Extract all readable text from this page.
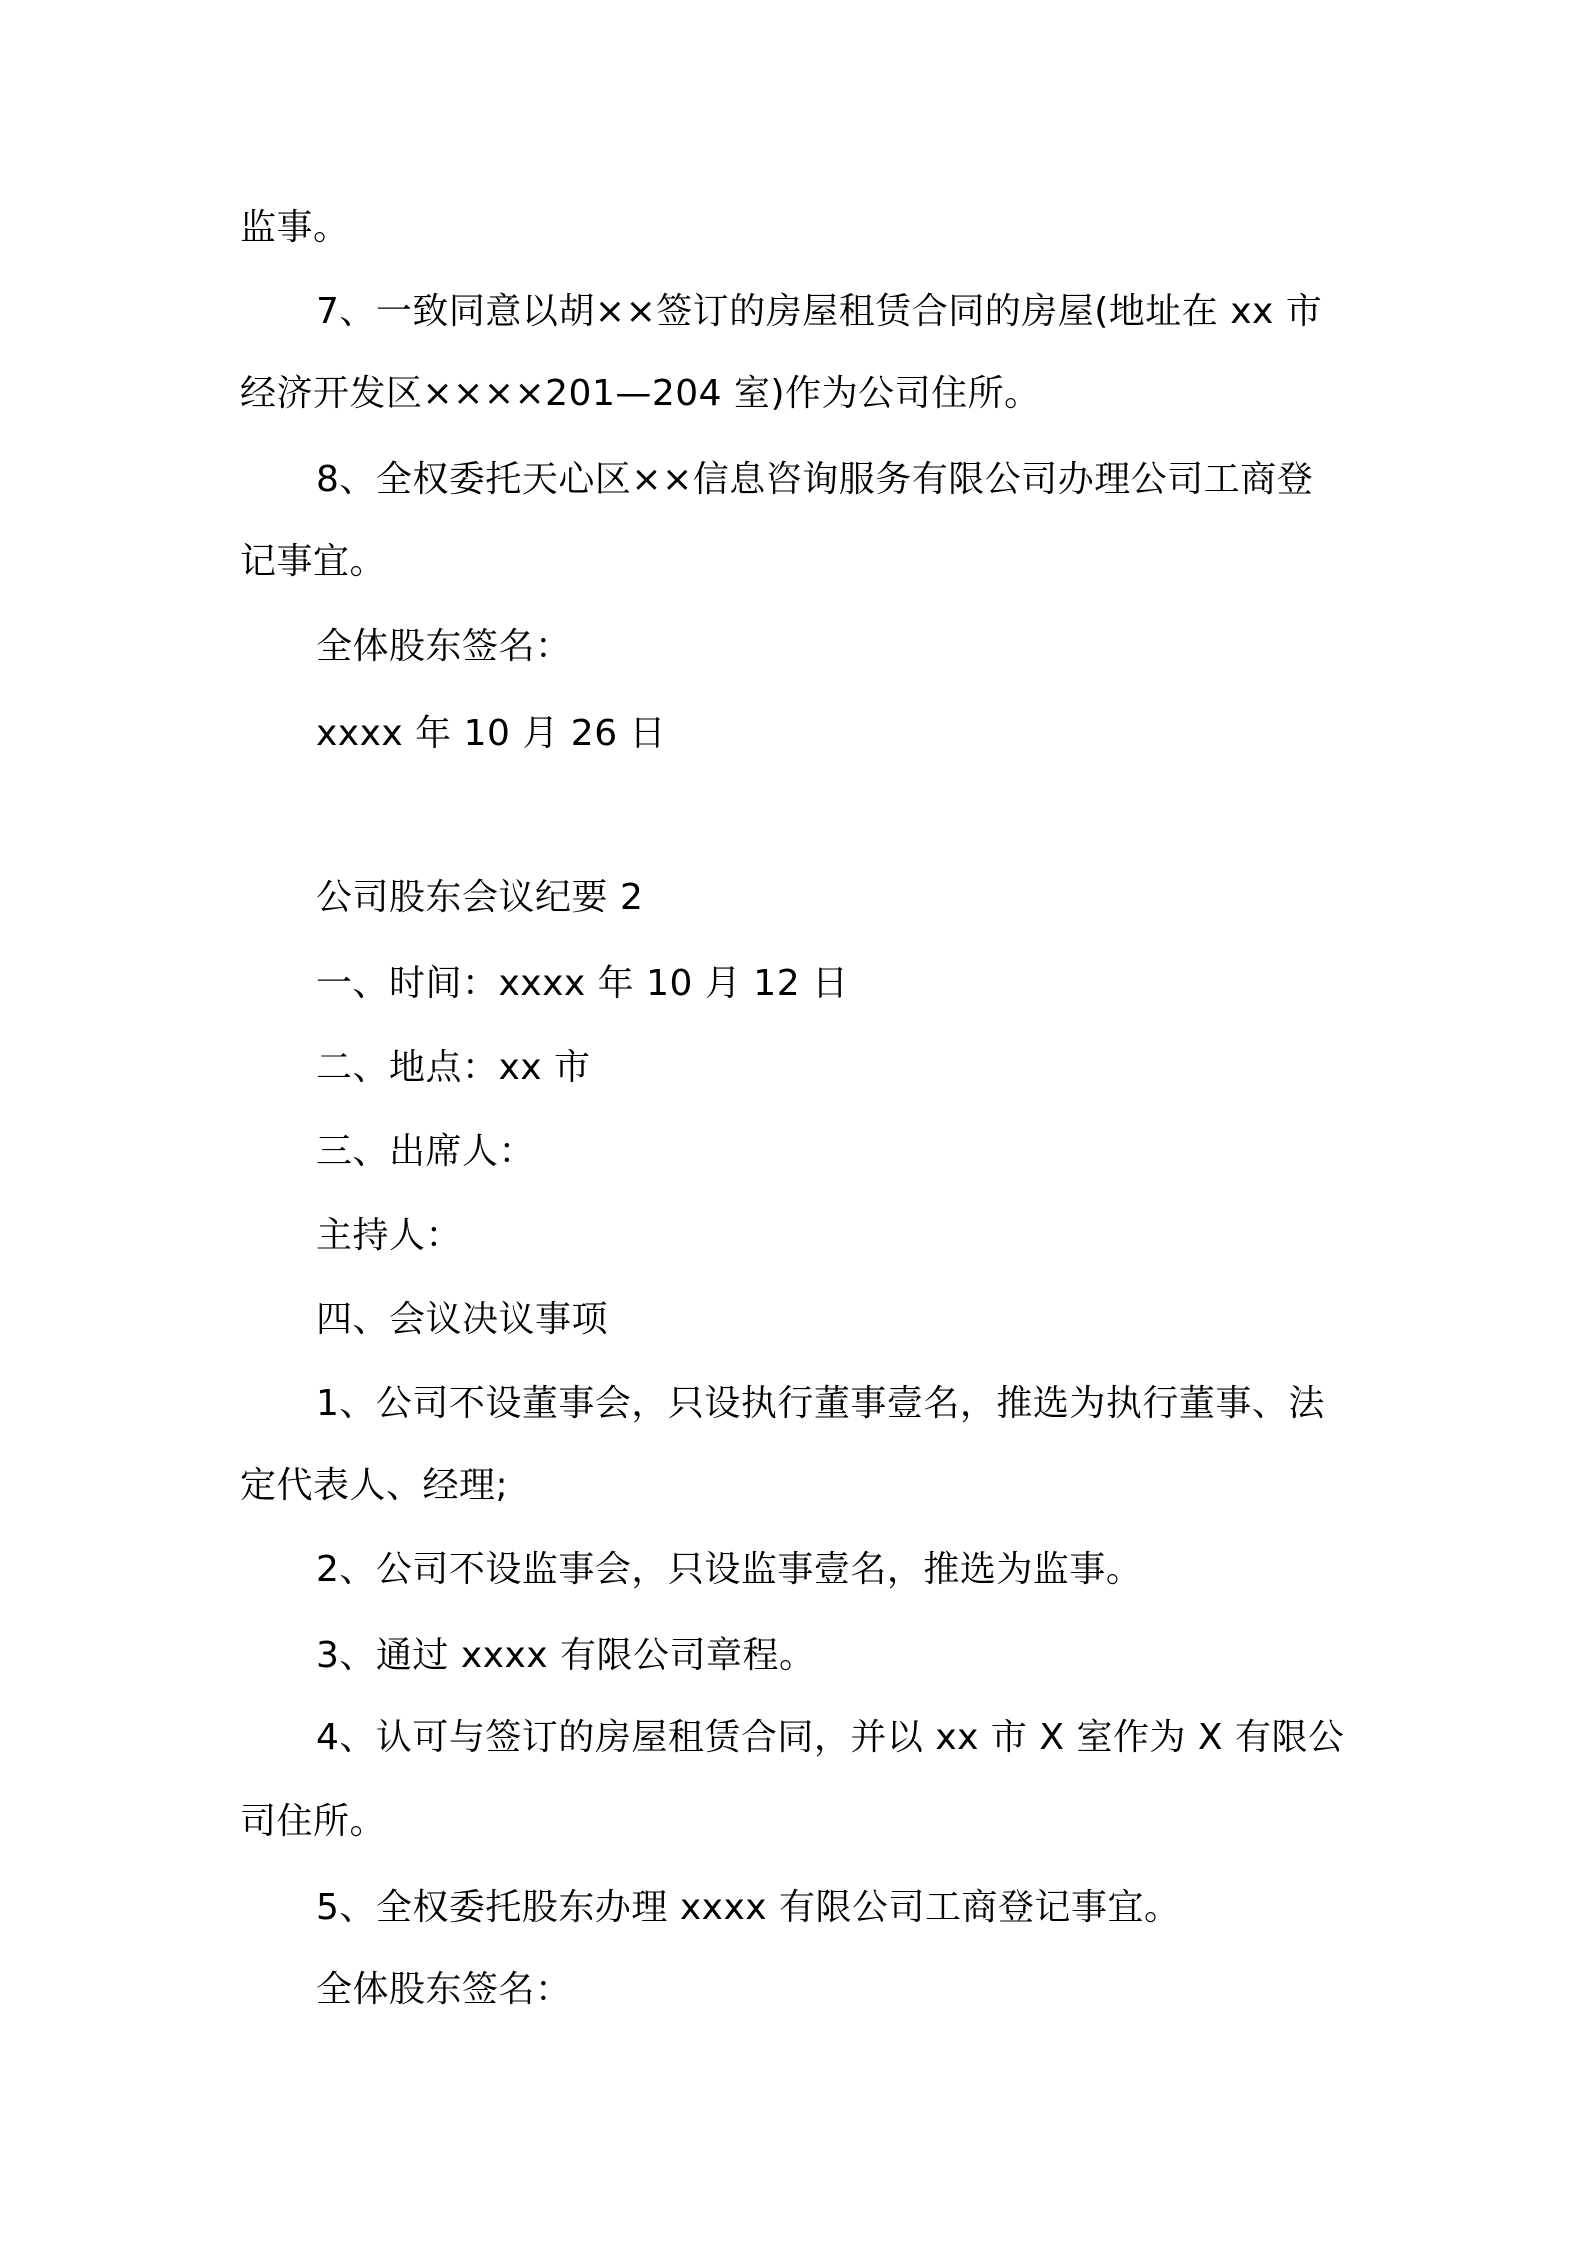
监事。
7、一致同意以胡××签订的房屋租赁合同的房屋(地址在 xx 市
经济开发区××××201—204 室)作为公司住所。
8、全权委托天心区××信息咨询服务有限公司办理公司工商登
记事宜。
全体股东签名：
xxxx 年 10 月 26 日
公司股东会议纪要 2
一、时间：xxxx 年 10 月 12 日
二、地点：xx 市
三、出席人：
主持人：
四、会议决议事项
1、公司不设董事会，只设执行董事壹名，推选为执行董事、法
定代表人、经理;
2、公司不设监事会，只设监事壹名，推选为监事。
3、通过 xxxx 有限公司章程。
4、认可与签订的房屋租赁合同，并以 xx 市 X 室作为 X 有限公
司住所。
5、全权委托股东办理 xxxx 有限公司工商登记事宜。
全体股东签名：
